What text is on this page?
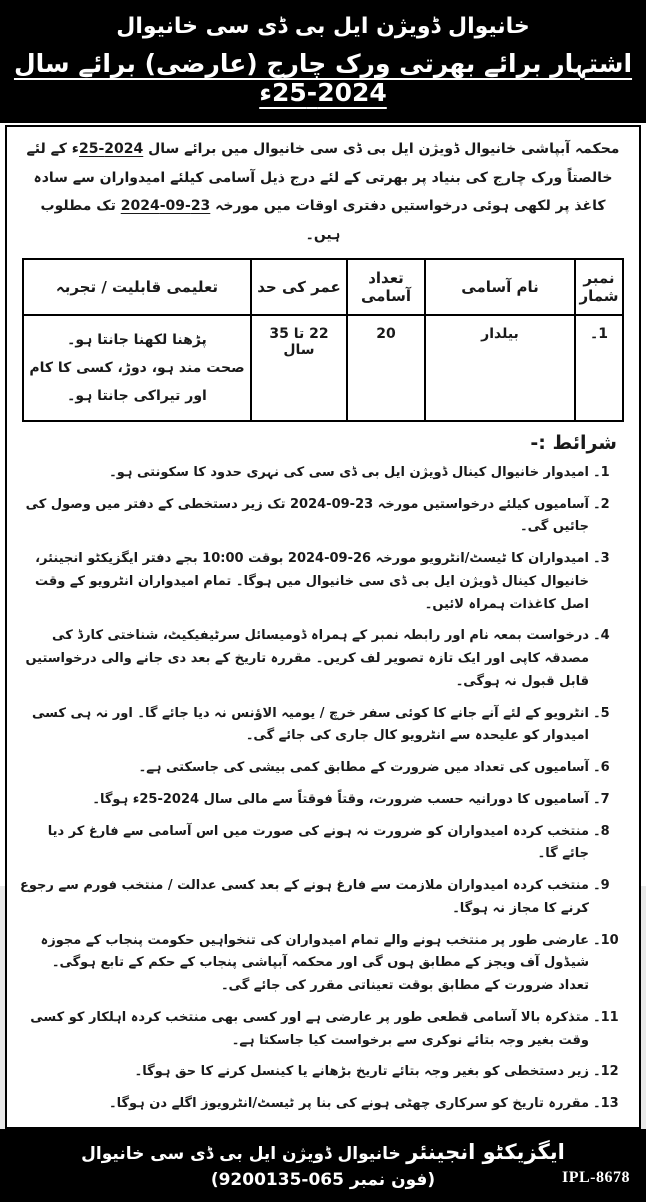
خانیوال ڈویژن ایل بی ڈی سی خانیوال
اشتہار برائے بھرتی ورک چارج (عارضی) برائے سال 2024-25ء

محکمہ آبپاشی خانیوال ڈویژن ایل بی ڈی سی خانیوال میں برائے سال 2024-25ء کے لئے خالصتاً ورک چارج کی بنیاد پر بھرتی کے لئے درج ذیل آسامی کیلئے امیدواران سے سادہ کاغذ پر لکھی ہوئی درخواستیں دفتری اوقات میں مورخہ 23-09-2024 تک مطلوب ہیں۔

نمبر شمار	نام آسامی	تعداد آسامی	عمر کی حد	تعلیمی قابلیت / تجربہ
1۔	بیلدار	20	22 تا 35 سال	پڑھنا لکھنا جانتا ہو۔
صحت مند ہو، دوڑ، کسی کا کام اور تیراکی جانتا ہو۔
شرائط :-
1۔
امیدوار خانیوال کینال ڈویژن ایل بی ڈی سی کی نہری حدود کا سکونتی ہو۔
2۔
آسامیوں کیلئے درخواستیں مورخہ 23-09-2024 تک زیر دستخطی کے دفتر میں وصول کی جائیں گی۔
3۔
امیدواران کا ٹیسٹ/انٹرویو مورخہ 26-09-2024 بوقت 10:00 بجے دفتر ایگزیکٹو انجینئر، خانیوال کینال ڈویژن ایل بی ڈی سی خانیوال میں ہوگا۔ تمام امیدواران انٹرویو کے وقت اصل کاغذات ہمراہ لائیں۔
4۔
درخواست بمعہ نام اور رابطہ نمبر کے ہمراہ ڈومیسائل سرٹیفیکیٹ، شناختی کارڈ کی مصدقہ کاپی اور ایک تازہ تصویر لف کریں۔ مقررہ تاریخ کے بعد دی جانے والی درخواستیں قابل قبول نہ ہوگی۔
5۔
انٹرویو کے لئے آنے جانے کا کوئی سفر خرچ / یومیہ الاؤنس نہ دیا جائے گا۔ اور نہ ہی کسی امیدوار کو علیحدہ سے انٹرویو کال جاری کی جائے گی۔
6۔
آسامیوں کی تعداد میں ضرورت کے مطابق کمی بیشی کی جاسکتی ہے۔
7۔
آسامیوں کا دورانیہ حسب ضرورت، وقتاً فوقتاً سے مالی سال 2024-25ء ہوگا۔
8۔
منتخب کردہ امیدواران کو ضرورت نہ ہونے کی صورت میں اس آسامی سے فارغ کر دیا جائے گا۔
9۔
منتخب کردہ امیدواران ملازمت سے فارغ ہونے کے بعد کسی عدالت / منتخب فورم سے رجوع کرنے کا مجاز نہ ہوگا۔
10۔
عارضی طور پر منتخب ہونے والے تمام امیدواران کی تنخواہیں حکومت پنجاب کے مجوزہ شیڈول آف ویجز کے مطابق ہوں گی اور محکمہ آبپاشی پنجاب کے حکم کے تابع ہوگی۔ تعداد ضرورت کے مطابق بوقت تعیناتی مقرر کی جائے گی۔
11۔
متذکرہ بالا آسامی قطعی طور پر عارضی ہے اور کسی بھی منتخب کردہ اہلکار کو کسی وقت بغیر وجہ بتائے نوکری سے برخواست کیا جاسکتا ہے۔
12۔
زیر دستخطی کو بغیر وجہ بتائے تاریخ بڑھانے یا کینسل کرنے کا حق ہوگا۔
13۔
مقررہ تاریخ کو سرکاری چھٹی ہونے کی بنا پر ٹیسٹ/انٹرویوز اگلے دن ہوگا۔
ایگزیکٹو انجینئر خانیوال ڈویژن ایل بی ڈی سی خانیوال
(فون نمبر 065-9200135)	IPL-8678
